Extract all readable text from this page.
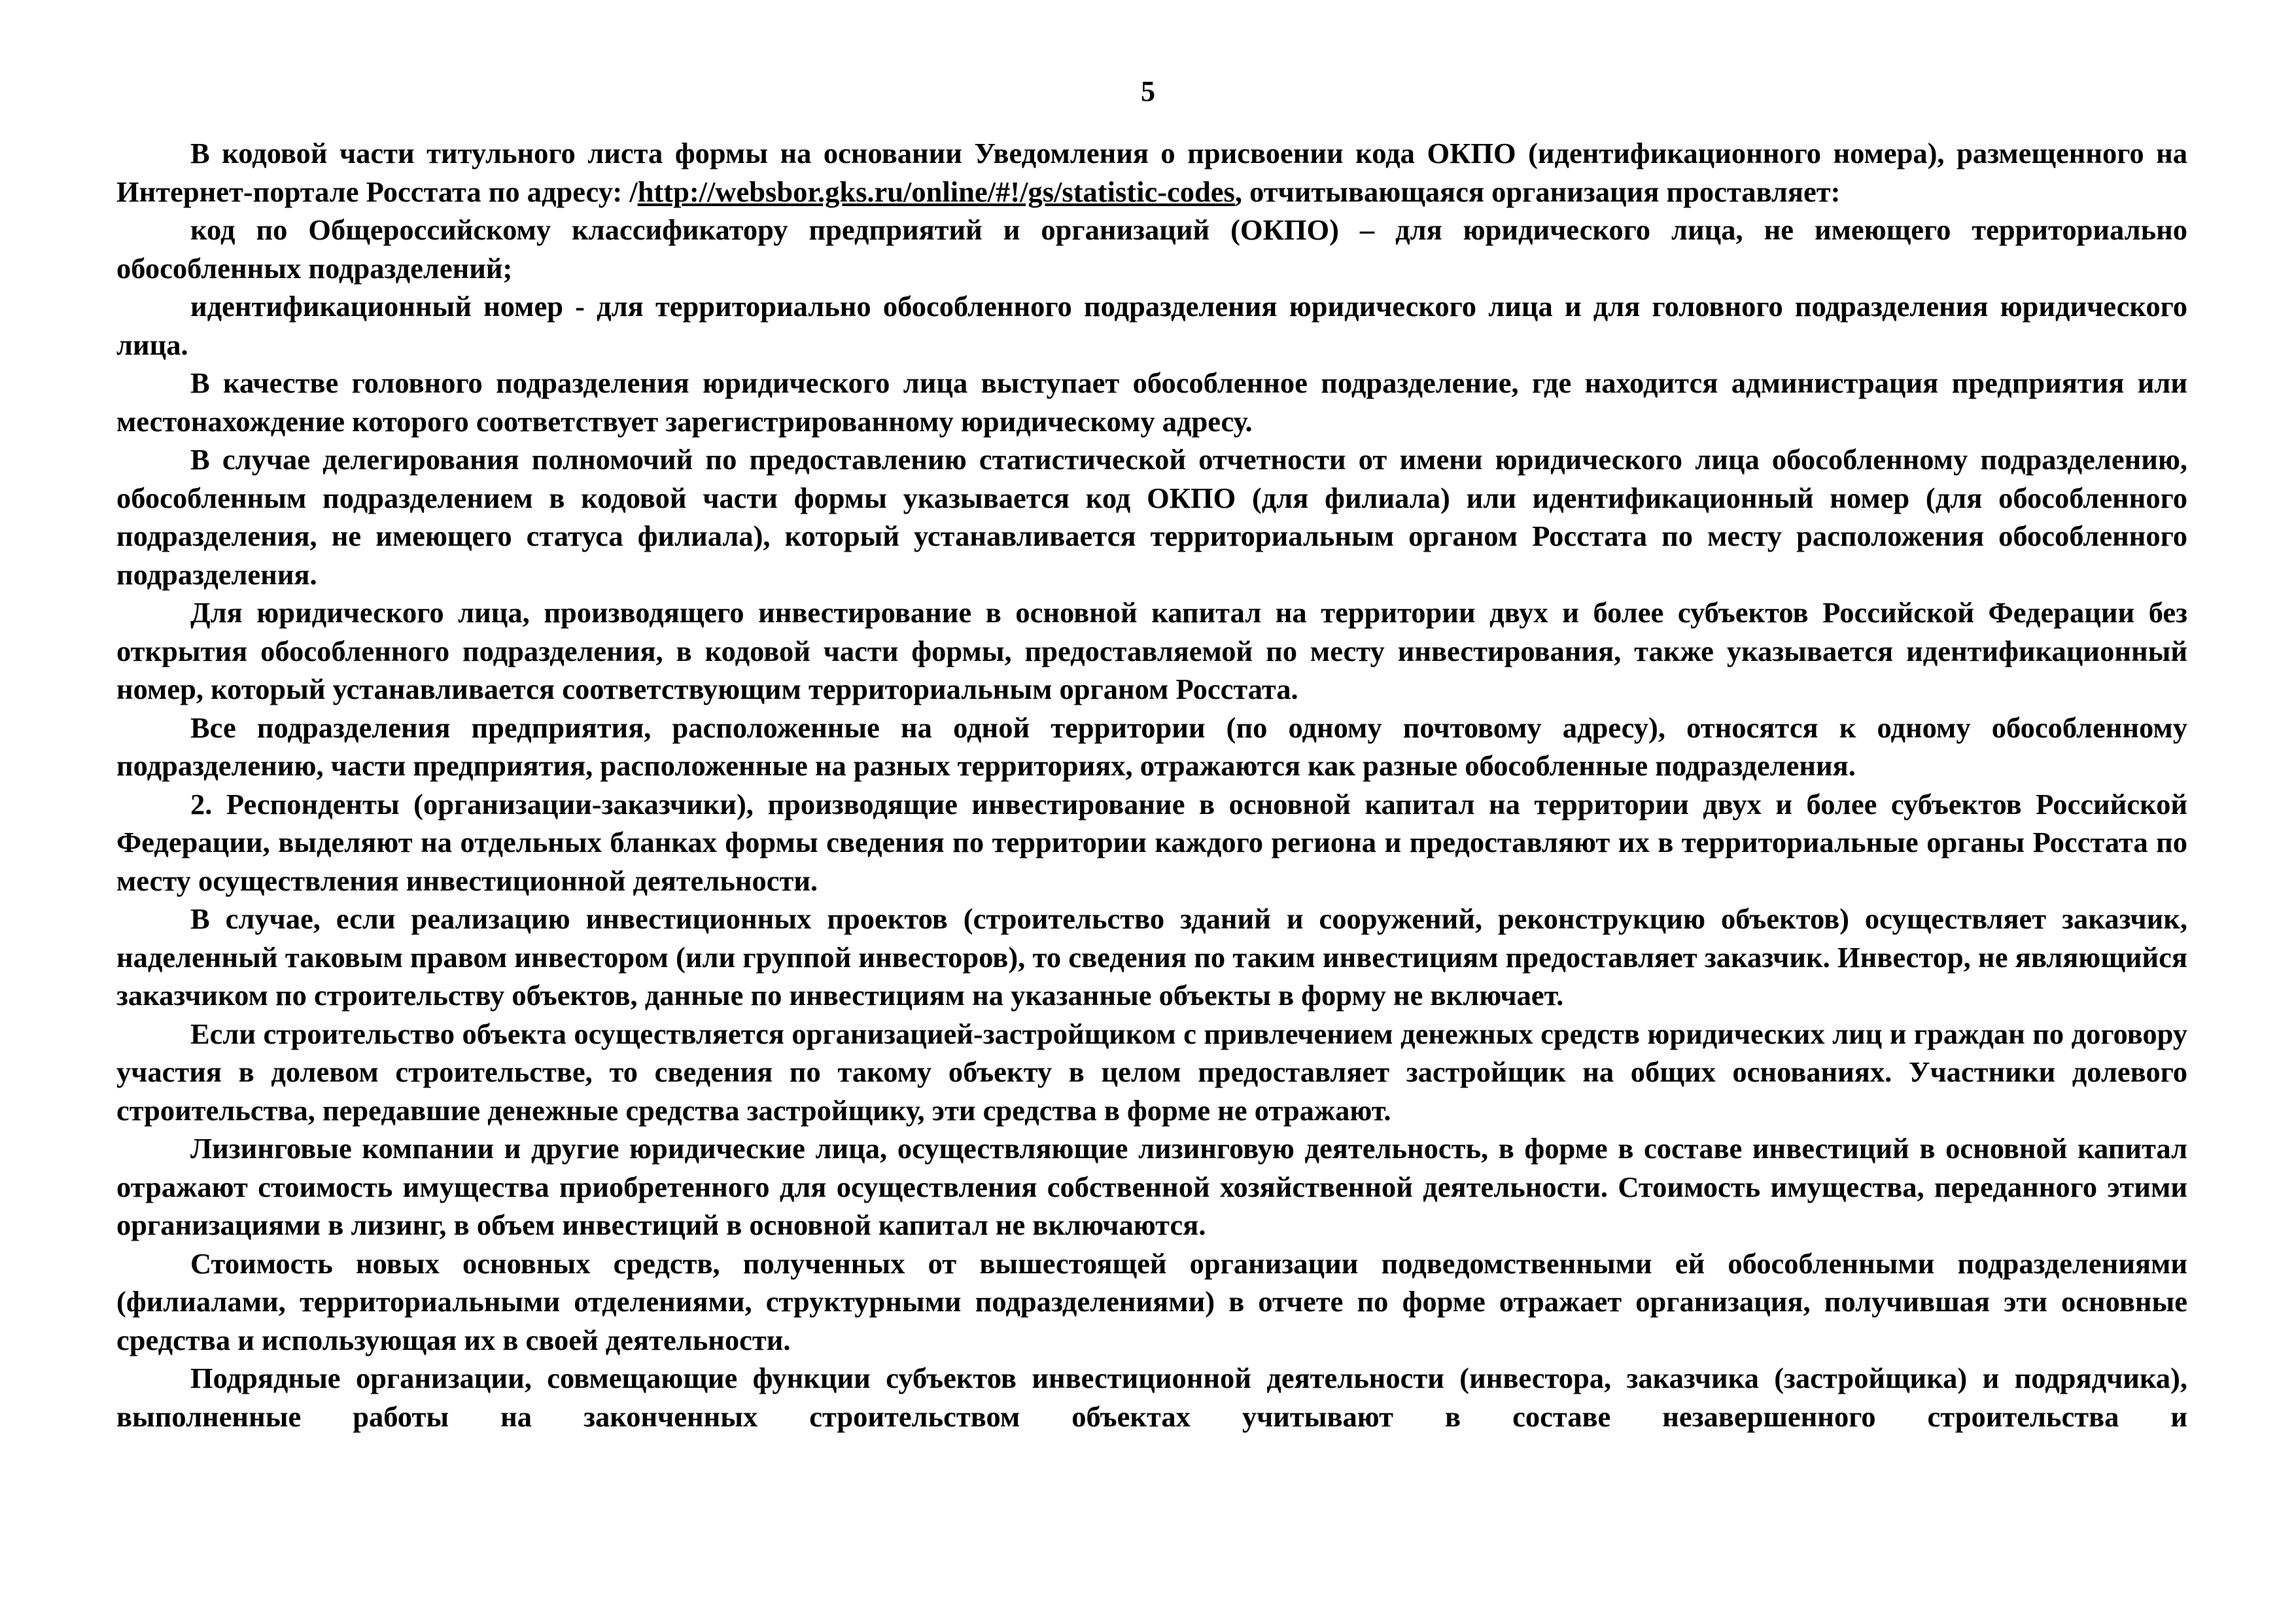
5

В кодовой части титульного листа формы на основании Уведомления о присвоении кода ОКПО (идентификационного номера), размещенного на Интернет-портале Росстата по адресу: /http://websbor.gks.ru/online/#!/gs/statistic-codes, отчитывающаяся организация проставляет:

код по Общероссийскому классификатору предприятий и организаций (ОКПО) – для юридического лица, не имеющего территориально обособленных подразделений;

идентификационный номер - для территориально обособленного подразделения юридического лица и для головного подразделения юридического лица.

В качестве головного подразделения юридического лица выступает обособленное подразделение, где находится администрация предприятия или местонахождение которого соответствует зарегистрированному юридическому адресу.

В случае делегирования полномочий по предоставлению статистической отчетности от имени юридического лица обособленному подразделению, обособленным подразделением в кодовой части формы указывается код ОКПО (для филиала) или идентификационный номер (для обособленного подразделения, не имеющего статуса филиала), который устанавливается территориальным органом Росстата по месту расположения обособленного подразделения.

Для юридического лица, производящего инвестирование в основной капитал на территории двух и более субъектов Российской Федерации без открытия обособленного подразделения, в кодовой части формы, предоставляемой по месту инвестирования, также указывается идентификационный номер, который устанавливается соответствующим территориальным органом Росстата.

Все подразделения предприятия, расположенные на одной территории (по одному почтовому адресу), относятся к одному обособленному подразделению, части предприятия, расположенные на разных территориях, отражаются как разные обособленные подразделения.

2. Респонденты (организации-заказчики), производящие инвестирование в основной капитал на территории двух и более субъектов Российской Федерации, выделяют на отдельных бланках формы сведения по территории каждого региона и предоставляют их в территориальные органы Росстата по месту осуществления инвестиционной деятельности.

В случае, если реализацию инвестиционных проектов (строительство зданий и сооружений, реконструкцию объектов) осуществляет заказчик, наделенный таковым правом инвестором (или группой инвесторов), то сведения по таким инвестициям предоставляет заказчик. Инвестор, не являющийся заказчиком по строительству объектов, данные по инвестициям на указанные объекты в форму не включает.

Если строительство объекта осуществляется организацией-застройщиком с привлечением денежных средств юридических лиц и граждан по договору участия в долевом строительстве, то сведения по такому объекту в целом предоставляет застройщик на общих основаниях. Участники долевого строительства, передавшие денежные средства застройщику, эти средства в форме не отражают.

Лизинговые компании и другие юридические лица, осуществляющие лизинговую деятельность, в форме в составе инвестиций в основной капитал отражают стоимость имущества приобретенного для осуществления собственной хозяйственной деятельности. Стоимость имущества, переданного этими организациями в лизинг, в объем инвестиций в основной капитал не включаются.

Стоимость новых основных средств, полученных от вышестоящей организации подведомственными ей обособленными подразделениями (филиалами, территориальными отделениями, структурными подразделениями) в отчете по форме отражает организация, получившая эти основные средства и использующая их в своей деятельности.

Подрядные организации, совмещающие функции субъектов инвестиционной деятельности (инвестора, заказчика (застройщика) и подрядчика), выполненные работы на законченных строительством объектах учитывают в составе незавершенного строительства и
